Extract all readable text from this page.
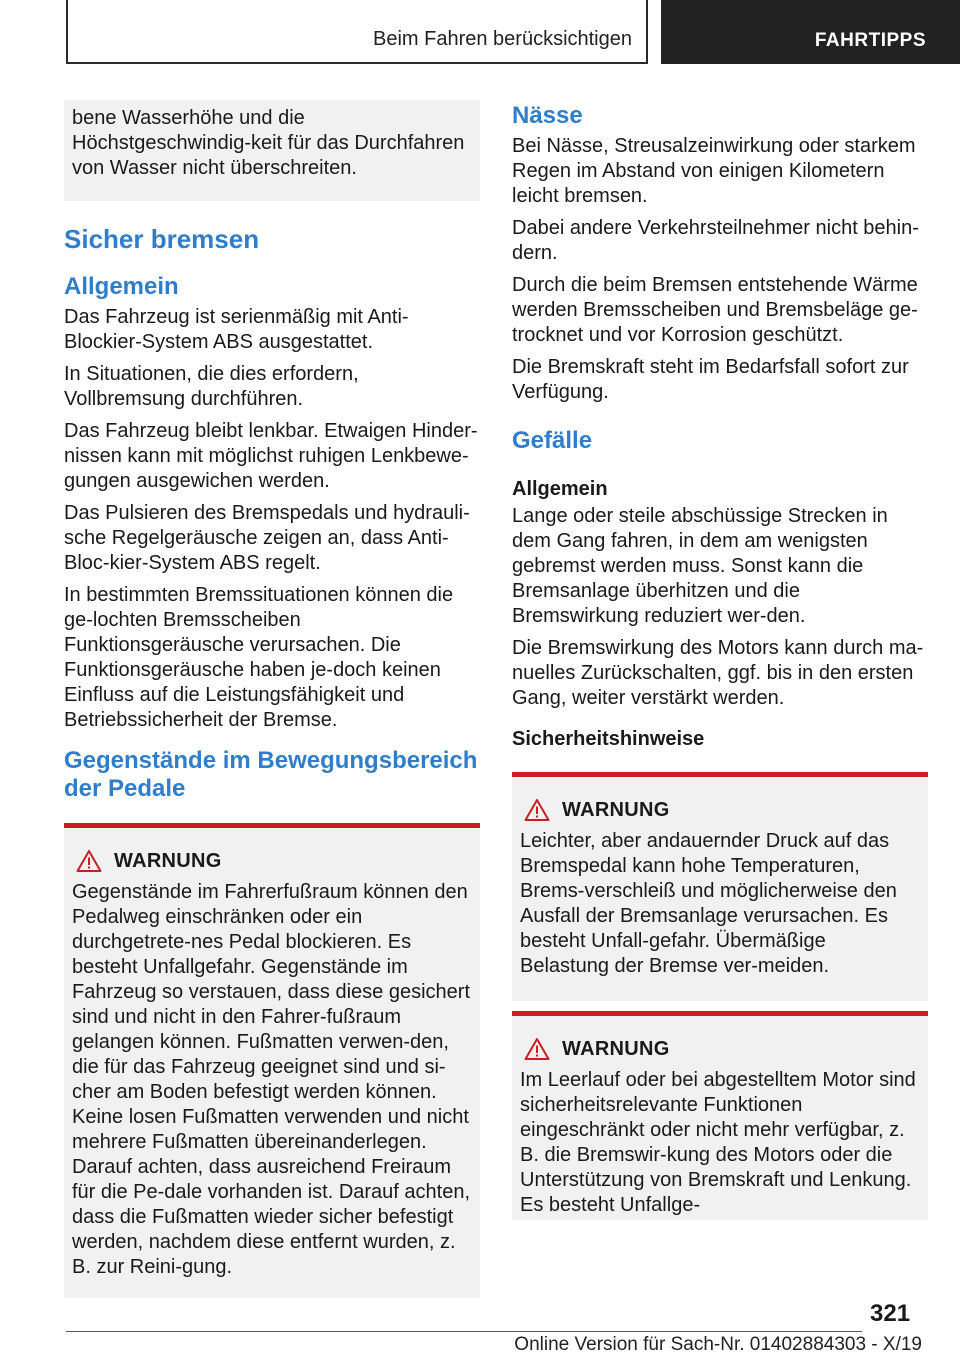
Beim Fahren berücksichtigen	FAHRTIPPS
bene Wasserhöhe und die Höchstgeschwindig-keit für das Durchfahren von Wasser nicht überschreiten.
Sicher bremsen
Allgemein
Das Fahrzeug ist serienmäßig mit Anti-Blockier-System ABS ausgestattet.
In Situationen, die dies erfordern, Vollbremsung durchführen.
Das Fahrzeug bleibt lenkbar. Etwaigen Hinder-nissen kann mit möglichst ruhigen Lenkbewe-gungen ausgewichen werden.
Das Pulsieren des Bremspedals und hydrauli-sche Regelgeräusche zeigen an, dass Anti-Bloc-kier-System ABS regelt.
In bestimmten Bremssituationen können die ge-lochten Bremsscheiben Funktionsgeräusche verursachen. Die Funktionsgeräusche haben je-doch keinen Einfluss auf die Leistungsfähigkeit und Betriebssicherheit der Bremse.
Gegenstände im Bewegungsbereich der Pedale
WARNUNG
Gegenstände im Fahrerfußraum können den Pedalweg einschränken oder ein durchgetrete-nes Pedal blockieren. Es besteht Unfallgefahr. Gegenstände im Fahrzeug so verstauen, dass diese gesichert sind und nicht in den Fahrer-fußraum gelangen können. Fußmatten verwen-den, die für das Fahrzeug geeignet sind und si-cher am Boden befestigt werden können. Keine losen Fußmatten verwenden und nicht mehrere Fußmatten übereinanderlegen. Darauf achten, dass ausreichend Freiraum für die Pe-dale vorhanden ist. Darauf achten, dass die Fußmatten wieder sicher befestigt werden, nachdem diese entfernt wurden, z. B. zur Reini-gung.
Nässe
Bei Nässe, Streusalzeinwirkung oder starkem Regen im Abstand von einigen Kilometern leicht bremsen.
Dabei andere Verkehrsteilnehmer nicht behin-dern.
Durch die beim Bremsen entstehende Wärme werden Bremsscheiben und Bremsbeläge ge-trocknet und vor Korrosion geschützt.
Die Bremskraft steht im Bedarfsfall sofort zur Verfügung.
Gefälle
Allgemein
Lange oder steile abschüssige Strecken in dem Gang fahren, in dem am wenigsten gebremst werden muss. Sonst kann die Bremsanlage überhitzen und die Bremswirkung reduziert wer-den.
Die Bremswirkung des Motors kann durch ma-nuelles Zurückschalten, ggf. bis in den ersten Gang, weiter verstärkt werden.
Sicherheitshinweise
WARNUNG
Leichter, aber andauernder Druck auf das Bremspedal kann hohe Temperaturen, Brems-verschleiß und möglicherweise den Ausfall der Bremsanlage verursachen. Es besteht Unfall-gefahr. Übermäßige Belastung der Bremse ver-meiden.
WARNUNG
Im Leerlauf oder bei abgestelltem Motor sind sicherheitsrelevante Funktionen eingeschränkt oder nicht mehr verfügbar, z. B. die Bremswir-kung des Motors oder die Unterstützung von Bremskraft und Lenkung. Es besteht Unfallge-
321
Online Version für Sach-Nr. 01402884303 - X/19
